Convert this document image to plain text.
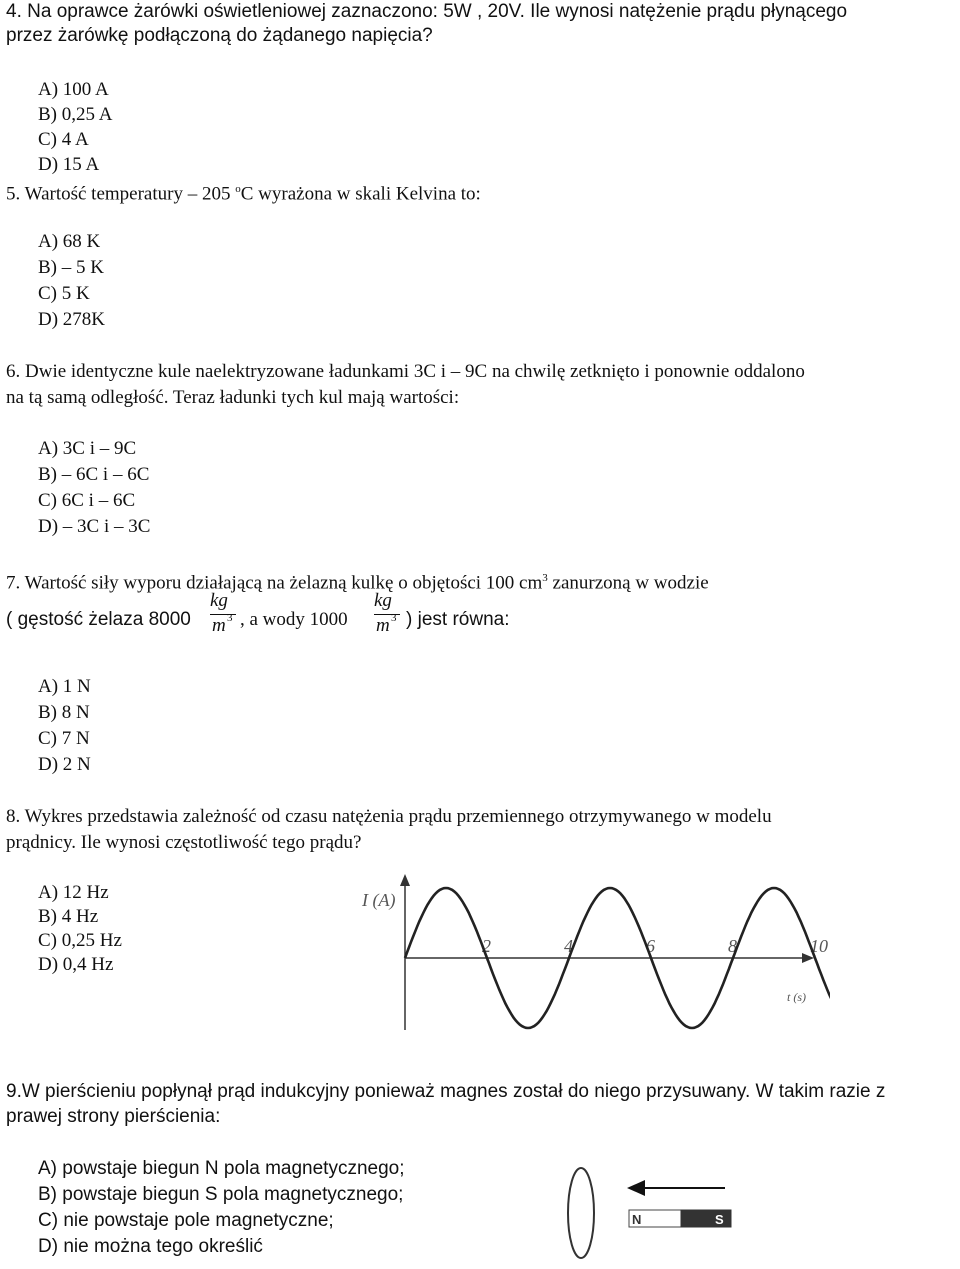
4. Na oprawce żarówki oświetleniowej zaznaczono: 5W , 20V. Ile wynosi natężenie prądu płynącego
przez żarówkę podłączoną do żądanego napięcia?
A) 100 A
B) 0,25 A
C) 4 A
D) 15 A
5. Wartość temperatury – 205 $^o$C wyrażona w skali Kelvina to:
A) 68 K
B) – 5 K
C) 5 K
D) 278K
6. Dwie identyczne kule naelektryzowane ładunkami 3C i – 9C na chwilę zetknięto i ponownie oddalono
na tą samą odległość. Teraz ładunki tych kul mają wartości:
A) 3C i – 9C
B) – 6C i – 6C
C) 6C i – 6C
D) – 3C i – 3C
7. Wartość siły wyporu działającą na żelazną kulkę o objętości 100 $cm^3$ zanurzoną w wodzie
( gęstość żelaza 8000
kg
m 3 , a wody 1000
kg
m 3 ) jest równa:
A) 1 N
B) 8 N
C) 7 N
D) 2 N
8. Wykres przedstawia zależność od czasu natężenia prądu przemiennego otrzymywanego w modelu
prądnicy. Ile wynosi częstotliwość tego prądu?
A) 12 Hz
B) 4 Hz
C) 0,25 Hz
D) 0,4 Hz
I (A)
t (s)
2	4	6	8	10
9.W pierścieniu popłynął prąd indukcyjny ponieważ magnes został do niego przysuwany. W takim razie z
prawej strony pierścienia:
A) powstaje biegun N pola magnetycznego;
B) powstaje biegun S pola magnetycznego;
C) nie powstaje pole magnetyczne;
D) nie można tego określić
N	S
